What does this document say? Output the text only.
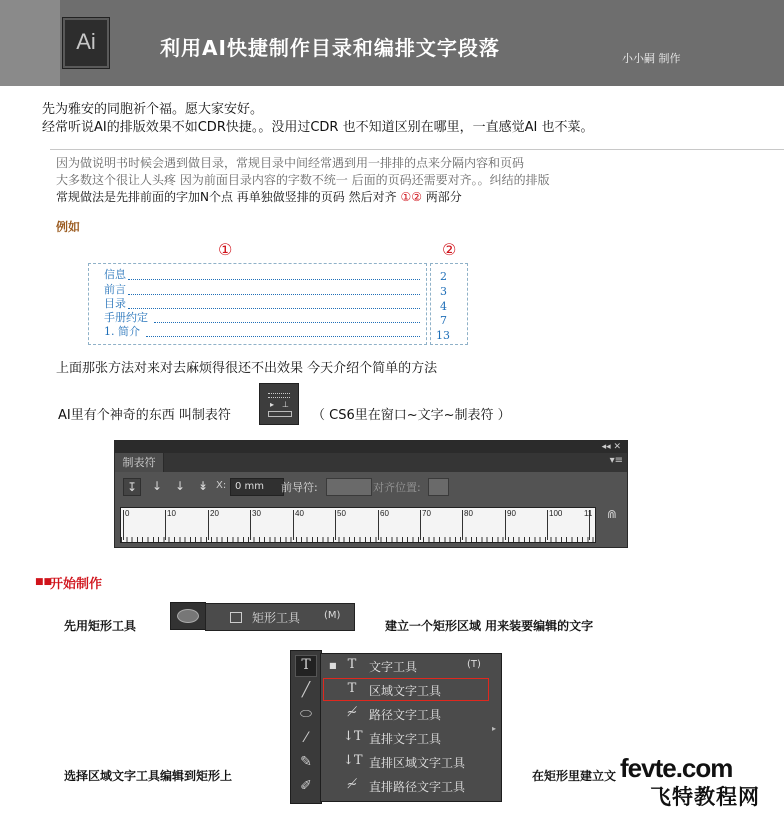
Ai	利用AI快捷制作目录和编排文字段落	小小嗣 制作
先为雅安的同胞祈个福。愿大家安好。
经常听说AI的排版效果不如CDR快捷。。没用过CDR 也不知道区别在哪里，一直感觉AI 也不菜。
因为做说明书时候会遇到做目录，常规目录中间经常遇到用一排排的点来分隔内容和页码
大多数这个很让人头疼 因为前面目录内容的字数不统一 后面的页码还需要对齐。。纠结的排版
常规做法是先排前面的字加N个点 再单独做竖排的页码 然后对齐 ①② 两部分
例如
①	②
信息	2
前言	3
目录	4
手册约定	7
1. 简介	13
上面那张方法对来对去麻烦得很还不出效果 今天介绍个简单的方法
AI里有个神奇的东西 叫制表符
▸ ⊥
（ CS6里在窗口~文字~制表符 ）
◂◂ ✕
制表符	▾≡
↧	↓ ↓ ↡ X: 0 mm	前导符:	对齐位置:
0	10	20	30	40	50	60	70	80	90	100	11 ⋒
■■
开始制作
先用矩形工具
矩形工具 (M)
建立一个矩形区域 用来装要编辑的文字
T
╱
⬭
⁄
✎
✐
■ T	文字工具	(T)
T	区域文字工具
≁ 路径文字工具
↓T 直排文字工具
↓T 直排区域文字工具
≁ 直排路径文字工具
▸
选择区域文字工具编辑到矩形上	在矩形里建立文 fevte.com
飞特教程网
